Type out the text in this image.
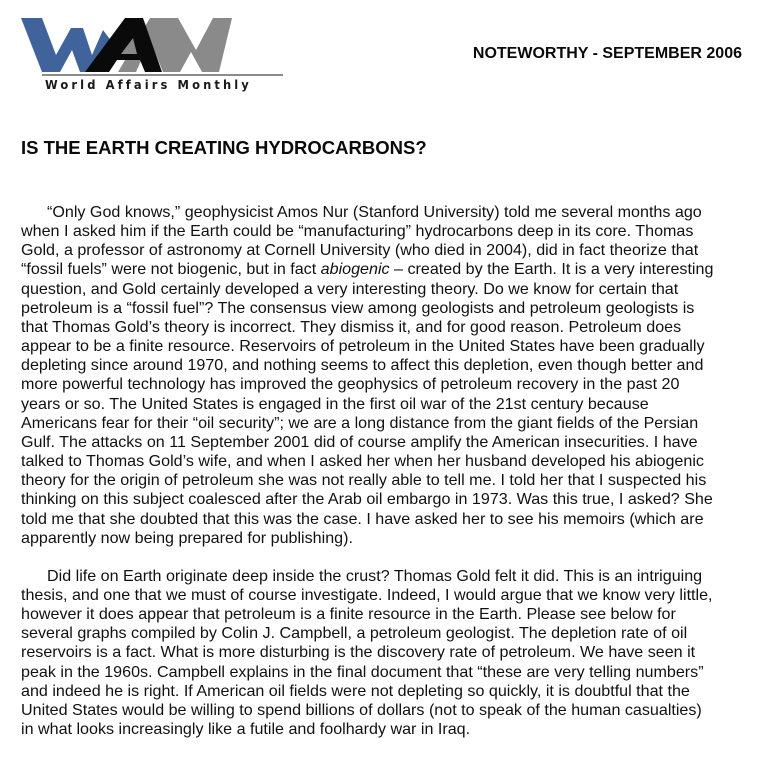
World Affairs Monthly
NOTEWORTHY - SEPTEMBER 2006
IS THE EARTH CREATING HYDROCARBONS?
“Only God knows,” geophysicist Amos Nur (Stanford University) told me several months ago
when I asked him if the Earth could be “manufacturing” hydrocarbons deep in its core. Thomas
Gold, a professor of astronomy at Cornell University (who died in 2004), did in fact theorize that
“fossil fuels” were not biogenic, but in fact abiogenic – created by the Earth. It is a very interesting
question, and Gold certainly developed a very interesting theory. Do we know for certain that
petroleum is a “fossil fuel”? The consensus view among geologists and petroleum geologists is
that Thomas Gold’s theory is incorrect. They dismiss it, and for good reason. Petroleum does
appear to be a finite resource. Reservoirs of petroleum in the United States have been gradually
depleting since around 1970, and nothing seems to affect this depletion, even though better and
more powerful technology has improved the geophysics of petroleum recovery in the past 20
years or so. The United States is engaged in the first oil war of the 21st century because
Americans fear for their “oil security”; we are a long distance from the giant fields of the Persian
Gulf. The attacks on 11 September 2001 did of course amplify the American insecurities. I have
talked to Thomas Gold’s wife, and when I asked her when her husband developed his abiogenic
theory for the origin of petroleum she was not really able to tell me. I told her that I suspected his
thinking on this subject coalesced after the Arab oil embargo in 1973. Was this true, I asked? She
told me that she doubted that this was the case. I have asked her to see his memoirs (which are
apparently now being prepared for publishing).
Did life on Earth originate deep inside the crust? Thomas Gold felt it did. This is an intriguing
thesis, and one that we must of course investigate. Indeed, I would argue that we know very little,
however it does appear that petroleum is a finite resource in the Earth. Please see below for
several graphs compiled by Colin J. Campbell, a petroleum geologist. The depletion rate of oil
reservoirs is a fact. What is more disturbing is the discovery rate of petroleum. We have seen it
peak in the 1960s. Campbell explains in the final document that “these are very telling numbers”
and indeed he is right. If American oil fields were not depleting so quickly, it is doubtful that the
United States would be willing to spend billions of dollars (not to speak of the human casualties)
in what looks increasingly like a futile and foolhardy war in Iraq.
